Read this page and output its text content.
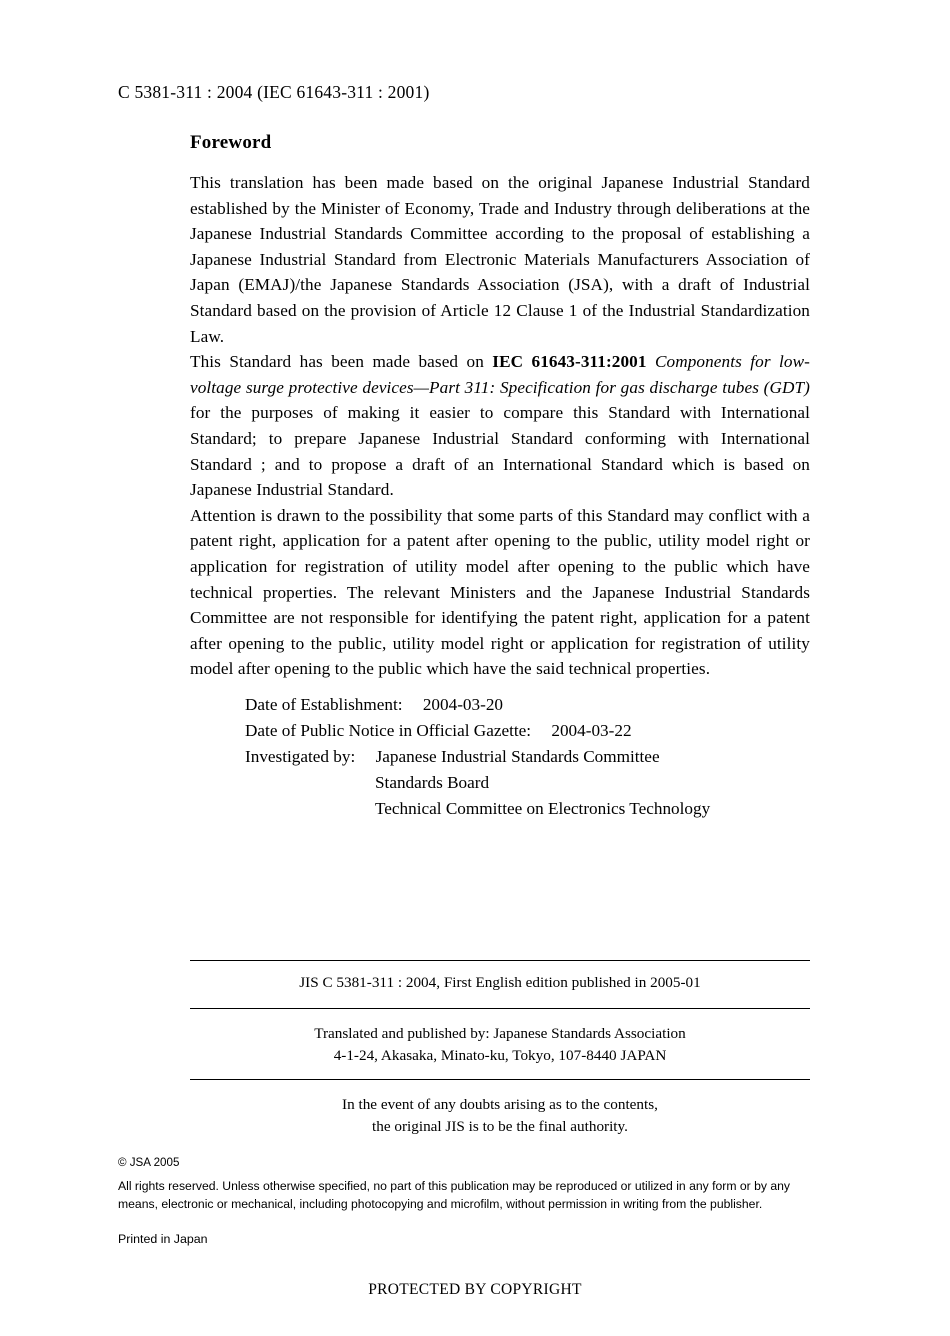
C 5381-311 : 2004 (IEC 61643-311 : 2001)
Foreword

This translation has been made based on the original Japanese Industrial Standard established by the Minister of Economy, Trade and Industry through deliberations at the Japanese Industrial Standards Committee according to the proposal of establishing a Japanese Industrial Standard from Electronic Materials Manufacturers Association of Japan (EMAJ)/the Japanese Standards Association (JSA), with a draft of Industrial Standard based on the provision of Article 12 Clause 1 of the Industrial Standardization Law.

This Standard has been made based on IEC 61643-311:2001 Components for low-voltage surge protective devices—Part 311: Specification for gas discharge tubes (GDT) for the purposes of making it easier to compare this Standard with International Standard; to prepare Japanese Industrial Standard conforming with International Standard ; and to propose a draft of an International Standard which is based on Japanese Industrial Standard.

Attention is drawn to the possibility that some parts of this Standard may conflict with a patent right, application for a patent after opening to the public, utility model right or application for registration of utility model after opening to the public which have technical properties. The relevant Ministers and the Japanese Industrial Standards Committee are not responsible for identifying the patent right, application for a patent after opening to the public, utility model right or application for registration of utility model after opening to the public which have the said technical properties.

Date of Establishment: 2004-03-20
Date of Public Notice in Official Gazette: 2004-03-22
Investigated by: Japanese Industrial Standards Committee
Standards Board
Technical Committee on Electronics Technology
JIS C 5381-311 : 2004, First English edition published in 2005-01
Translated and published by: Japanese Standards Association
4-1-24, Akasaka, Minato-ku, Tokyo, 107-8440 JAPAN
In the event of any doubts arising as to the contents,
the original JIS is to be the final authority.
© JSA 2005
All rights reserved. Unless otherwise specified, no part of this publication may be reproduced or utilized in any form or by any means, electronic or mechanical, including photocopying and microfilm, without permission in writing from the publisher.
Printed in Japan
PROTECTED BY COPYRIGHT
